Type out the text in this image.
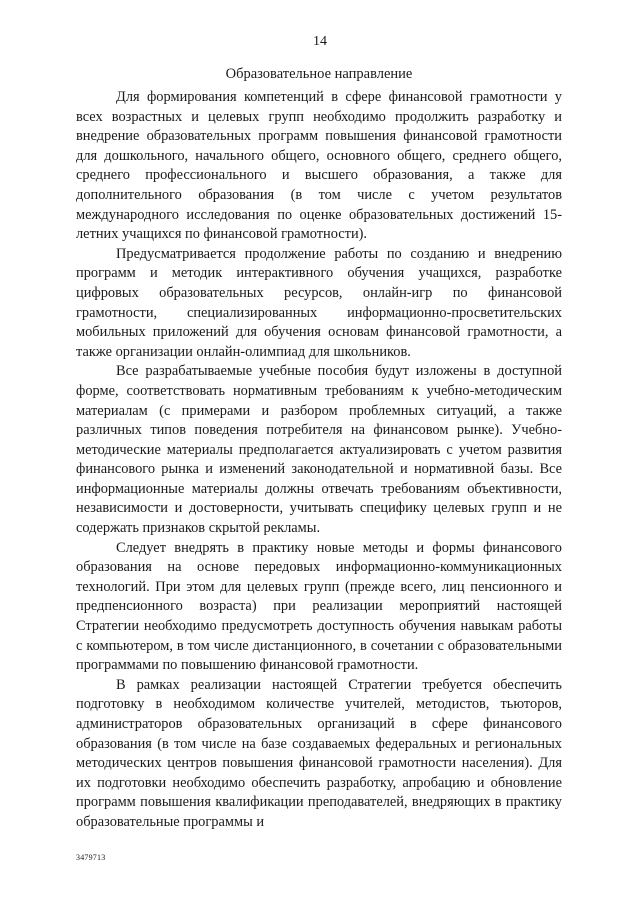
14
Образовательное направление

Для формирования компетенций в сфере финансовой грамотности у всех возрастных и целевых групп необходимо продолжить разработку и внедрение образовательных программ повышения финансовой грамотности для дошкольного, начального общего, основного общего, среднего общего, среднего профессионального и высшего образования, а также для дополнительного образования (в том числе с учетом результатов международного исследования по оценке образовательных достижений 15-летних учащихся по финансовой грамотности).

Предусматривается продолжение работы по созданию и внедрению программ и методик интерактивного обучения учащихся, разработке цифровых образовательных ресурсов, онлайн-игр по финансовой грамотности, специализированных информационно-просветительских мобильных приложений для обучения основам финансовой грамотности, а также организации онлайн-олимпиад для школьников.

Все разрабатываемые учебные пособия будут изложены в доступной форме, соответствовать нормативным требованиям к учебно-методическим материалам (с примерами и разбором проблемных ситуаций, а также различных типов поведения потребителя на финансовом рынке). Учебно-методические материалы предполагается актуализировать с учетом развития финансового рынка и изменений законодательной и нормативной базы. Все информационные материалы должны отвечать требованиям объективности, независимости и достоверности, учитывать специфику целевых групп и не содержать признаков скрытой рекламы.

Следует внедрять в практику новые методы и формы финансового образования на основе передовых информационно-коммуникационных технологий. При этом для целевых групп (прежде всего, лиц пенсионного и предпенсионного возраста) при реализации мероприятий настоящей Стратегии необходимо предусмотреть доступность обучения навыкам работы с компьютером, в том числе дистанционного, в сочетании с образовательными программами по повышению финансовой грамотности.

В рамках реализации настоящей Стратегии требуется обеспечить подготовку в необходимом количестве учителей, методистов, тьюторов, администраторов образовательных организаций в сфере финансового образования (в том числе на базе создаваемых федеральных и региональных методических центров повышения финансовой грамотности населения). Для их подготовки необходимо обеспечить разработку, апробацию и обновление программ повышения квалификации преподавателей, внедряющих в практику образовательные программы и

3479713
